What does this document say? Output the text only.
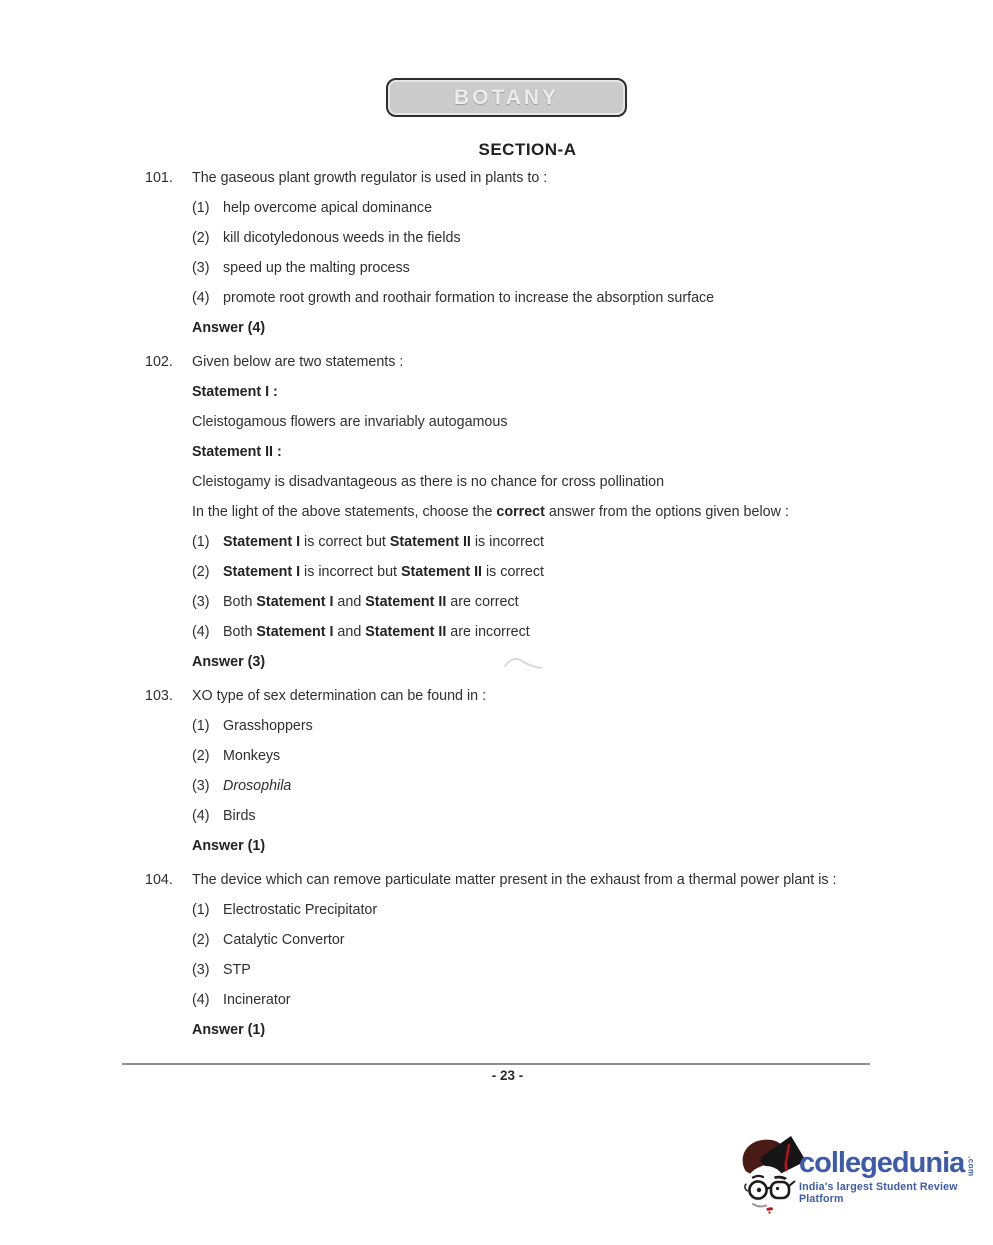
BOTANY
SECTION-A
101.	The gaseous plant growth regulator is used in plants to :
(1) help overcome apical dominance
(2) kill dicotyledonous weeds in the fields
(3) speed up the malting process
(4) promote root growth and roothair formation to increase the absorption surface
Answer (4)
102.	Given below are two statements :
Statement I :
Cleistogamous flowers are invariably autogamous
Statement II :
Cleistogamy is disadvantageous as there is no chance for cross pollination
In the light of the above statements, choose the correct answer from the options given below :
(1) Statement I is correct but Statement II is incorrect
(2) Statement I is incorrect but Statement II is correct
(3) Both Statement I and Statement II are correct
(4) Both Statement I and Statement II are incorrect
Answer (3)
103.	XO type of sex determination can be found in :
(1) Grasshoppers
(2) Monkeys
(3) Drosophila
(4) Birds
Answer (1)
104.	The device which can remove particulate matter present in the exhaust from a thermal power plant is :
(1) Electrostatic Precipitator
(2) Catalytic Convertor
(3) STP
(4) Incinerator
Answer (1)
- 23 -
collegedunia .com
India's largest Student Review Platform
